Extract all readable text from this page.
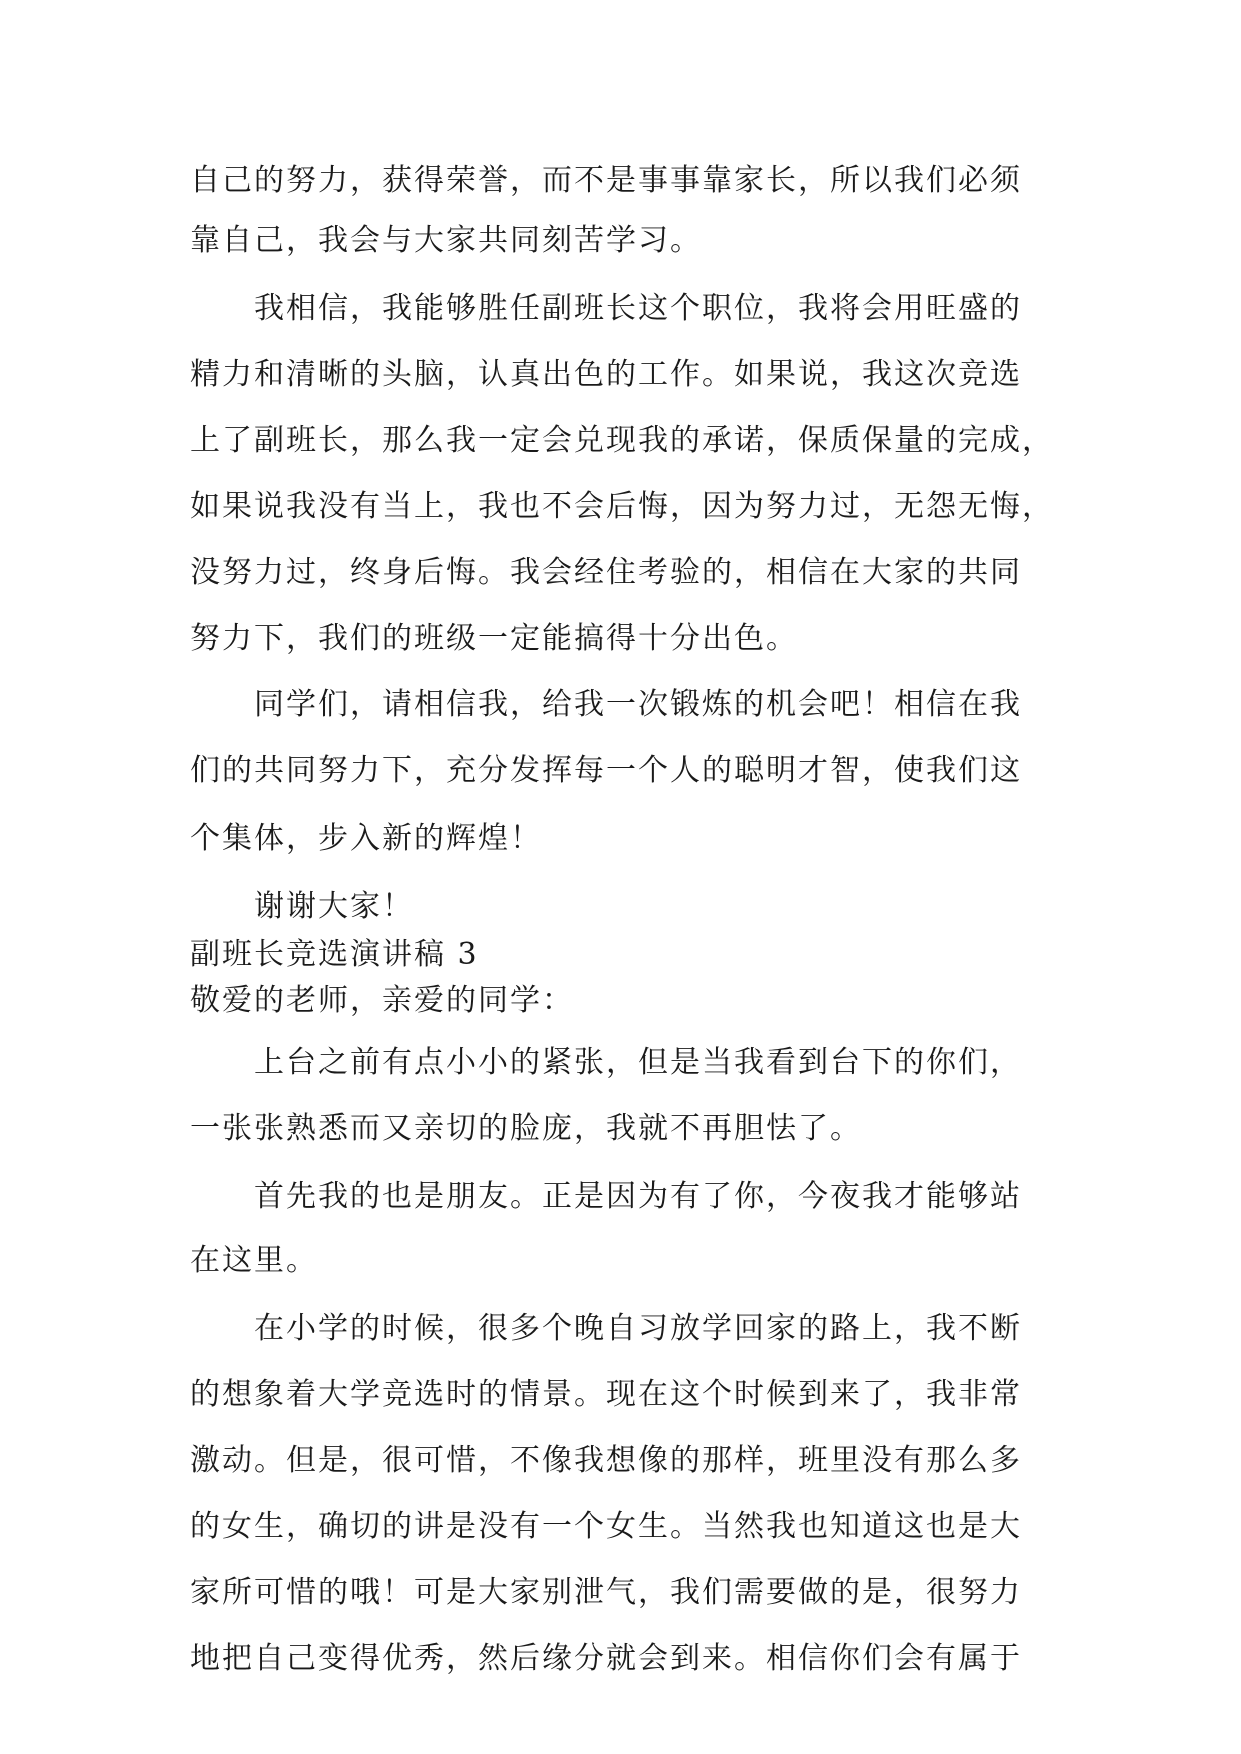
自己的努力，获得荣誉，而不是事事靠家长，所以我们必须

靠自己，我会与大家共同刻苦学习。

我相信，我能够胜任副班长这个职位，我将会用旺盛的

精力和清晰的头脑，认真出色的工作。如果说，我这次竞选

上了副班长，那么我一定会兑现我的承诺，保质保量的完成，

如果说我没有当上，我也不会后悔，因为努力过，无怨无悔，

没努力过，终身后悔。我会经住考验的，相信在大家的共同

努力下，我们的班级一定能搞得十分出色。

同学们，请相信我，给我一次锻炼的机会吧！相信在我

们的共同努力下，充分发挥每一个人的聪明才智，使我们这

个集体，步入新的辉煌！

谢谢大家！

副班长竞选演讲稿 3

敬爱的老师，亲爱的同学：

上台之前有点小小的紧张，但是当我看到台下的你们，

一张张熟悉而又亲切的脸庞，我就不再胆怯了。

首先我的也是朋友。正是因为有了你，今夜我才能够站

在这里。

在小学的时候，很多个晚自习放学回家的路上，我不断

的想象着大学竞选时的情景。现在这个时候到来了，我非常

激动。但是，很可惜，不像我想像的那样，班里没有那么多

的女生，确切的讲是没有一个女生。当然我也知道这也是大

家所可惜的哦！可是大家别泄气，我们需要做的是，很努力

地把自己变得优秀，然后缘分就会到来。相信你们会有属于
